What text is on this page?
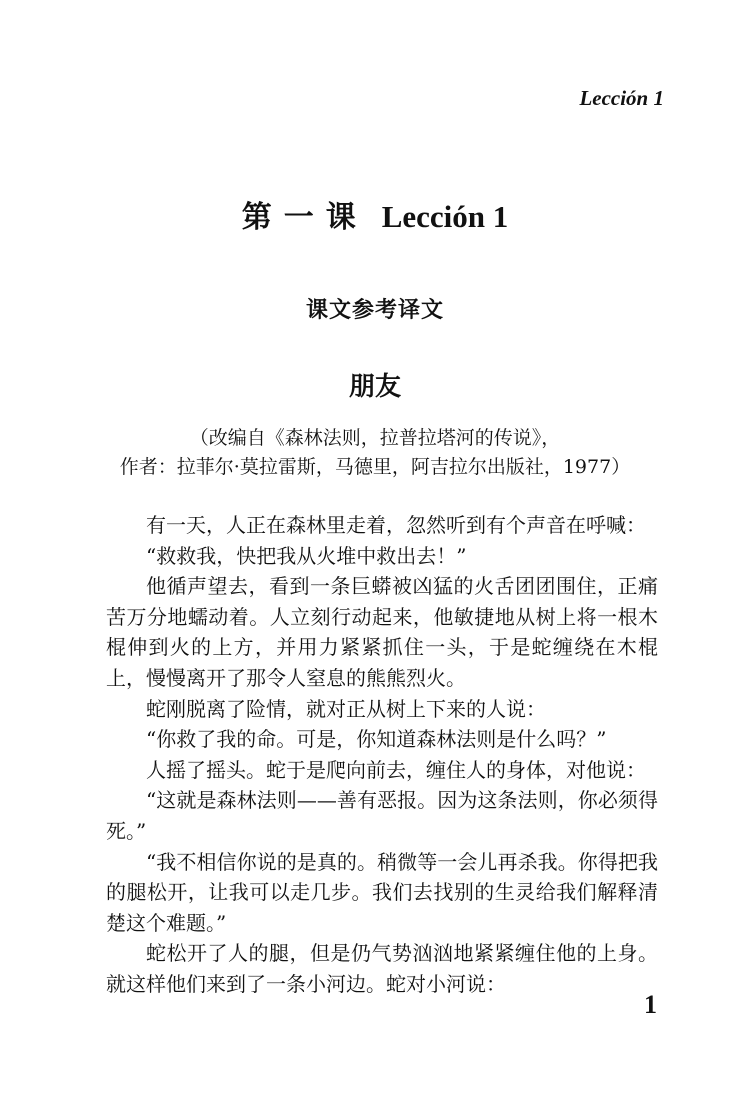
Lección 1
第一课 Lección 1
课文参考译文
朋友
（改编自《森林法则，拉普拉塔河的传说》，
作者：拉菲尔·莫拉雷斯，马德里，阿吉拉尔出版社，1977）

有一天，人正在森林里走着，忽然听到有个声音在呼喊：

“救救我，快把我从火堆中救出去！”

他循声望去，看到一条巨蟒被凶猛的火舌团团围住，正痛苦万分地蠕动着。人立刻行动起来，他敏捷地从树上将一根木棍伸到火的上方，并用力紧紧抓住一头，于是蛇缠绕在木棍上，慢慢离开了那令人窒息的熊熊烈火。

蛇刚脱离了险情，就对正从树上下来的人说：

“你救了我的命。可是，你知道森林法则是什么吗？”

人摇了摇头。蛇于是爬向前去，缠住人的身体，对他说：

“这就是森林法则——善有恶报。因为这条法则，你必须得死。”

“我不相信你说的是真的。稍微等一会儿再杀我。你得把我的腿松开，让我可以走几步。我们去找别的生灵给我们解释清楚这个难题。”

蛇松开了人的腿，但是仍气势汹汹地紧紧缠住他的上身。就这样他们来到了一条小河边。蛇对小河说：

1
